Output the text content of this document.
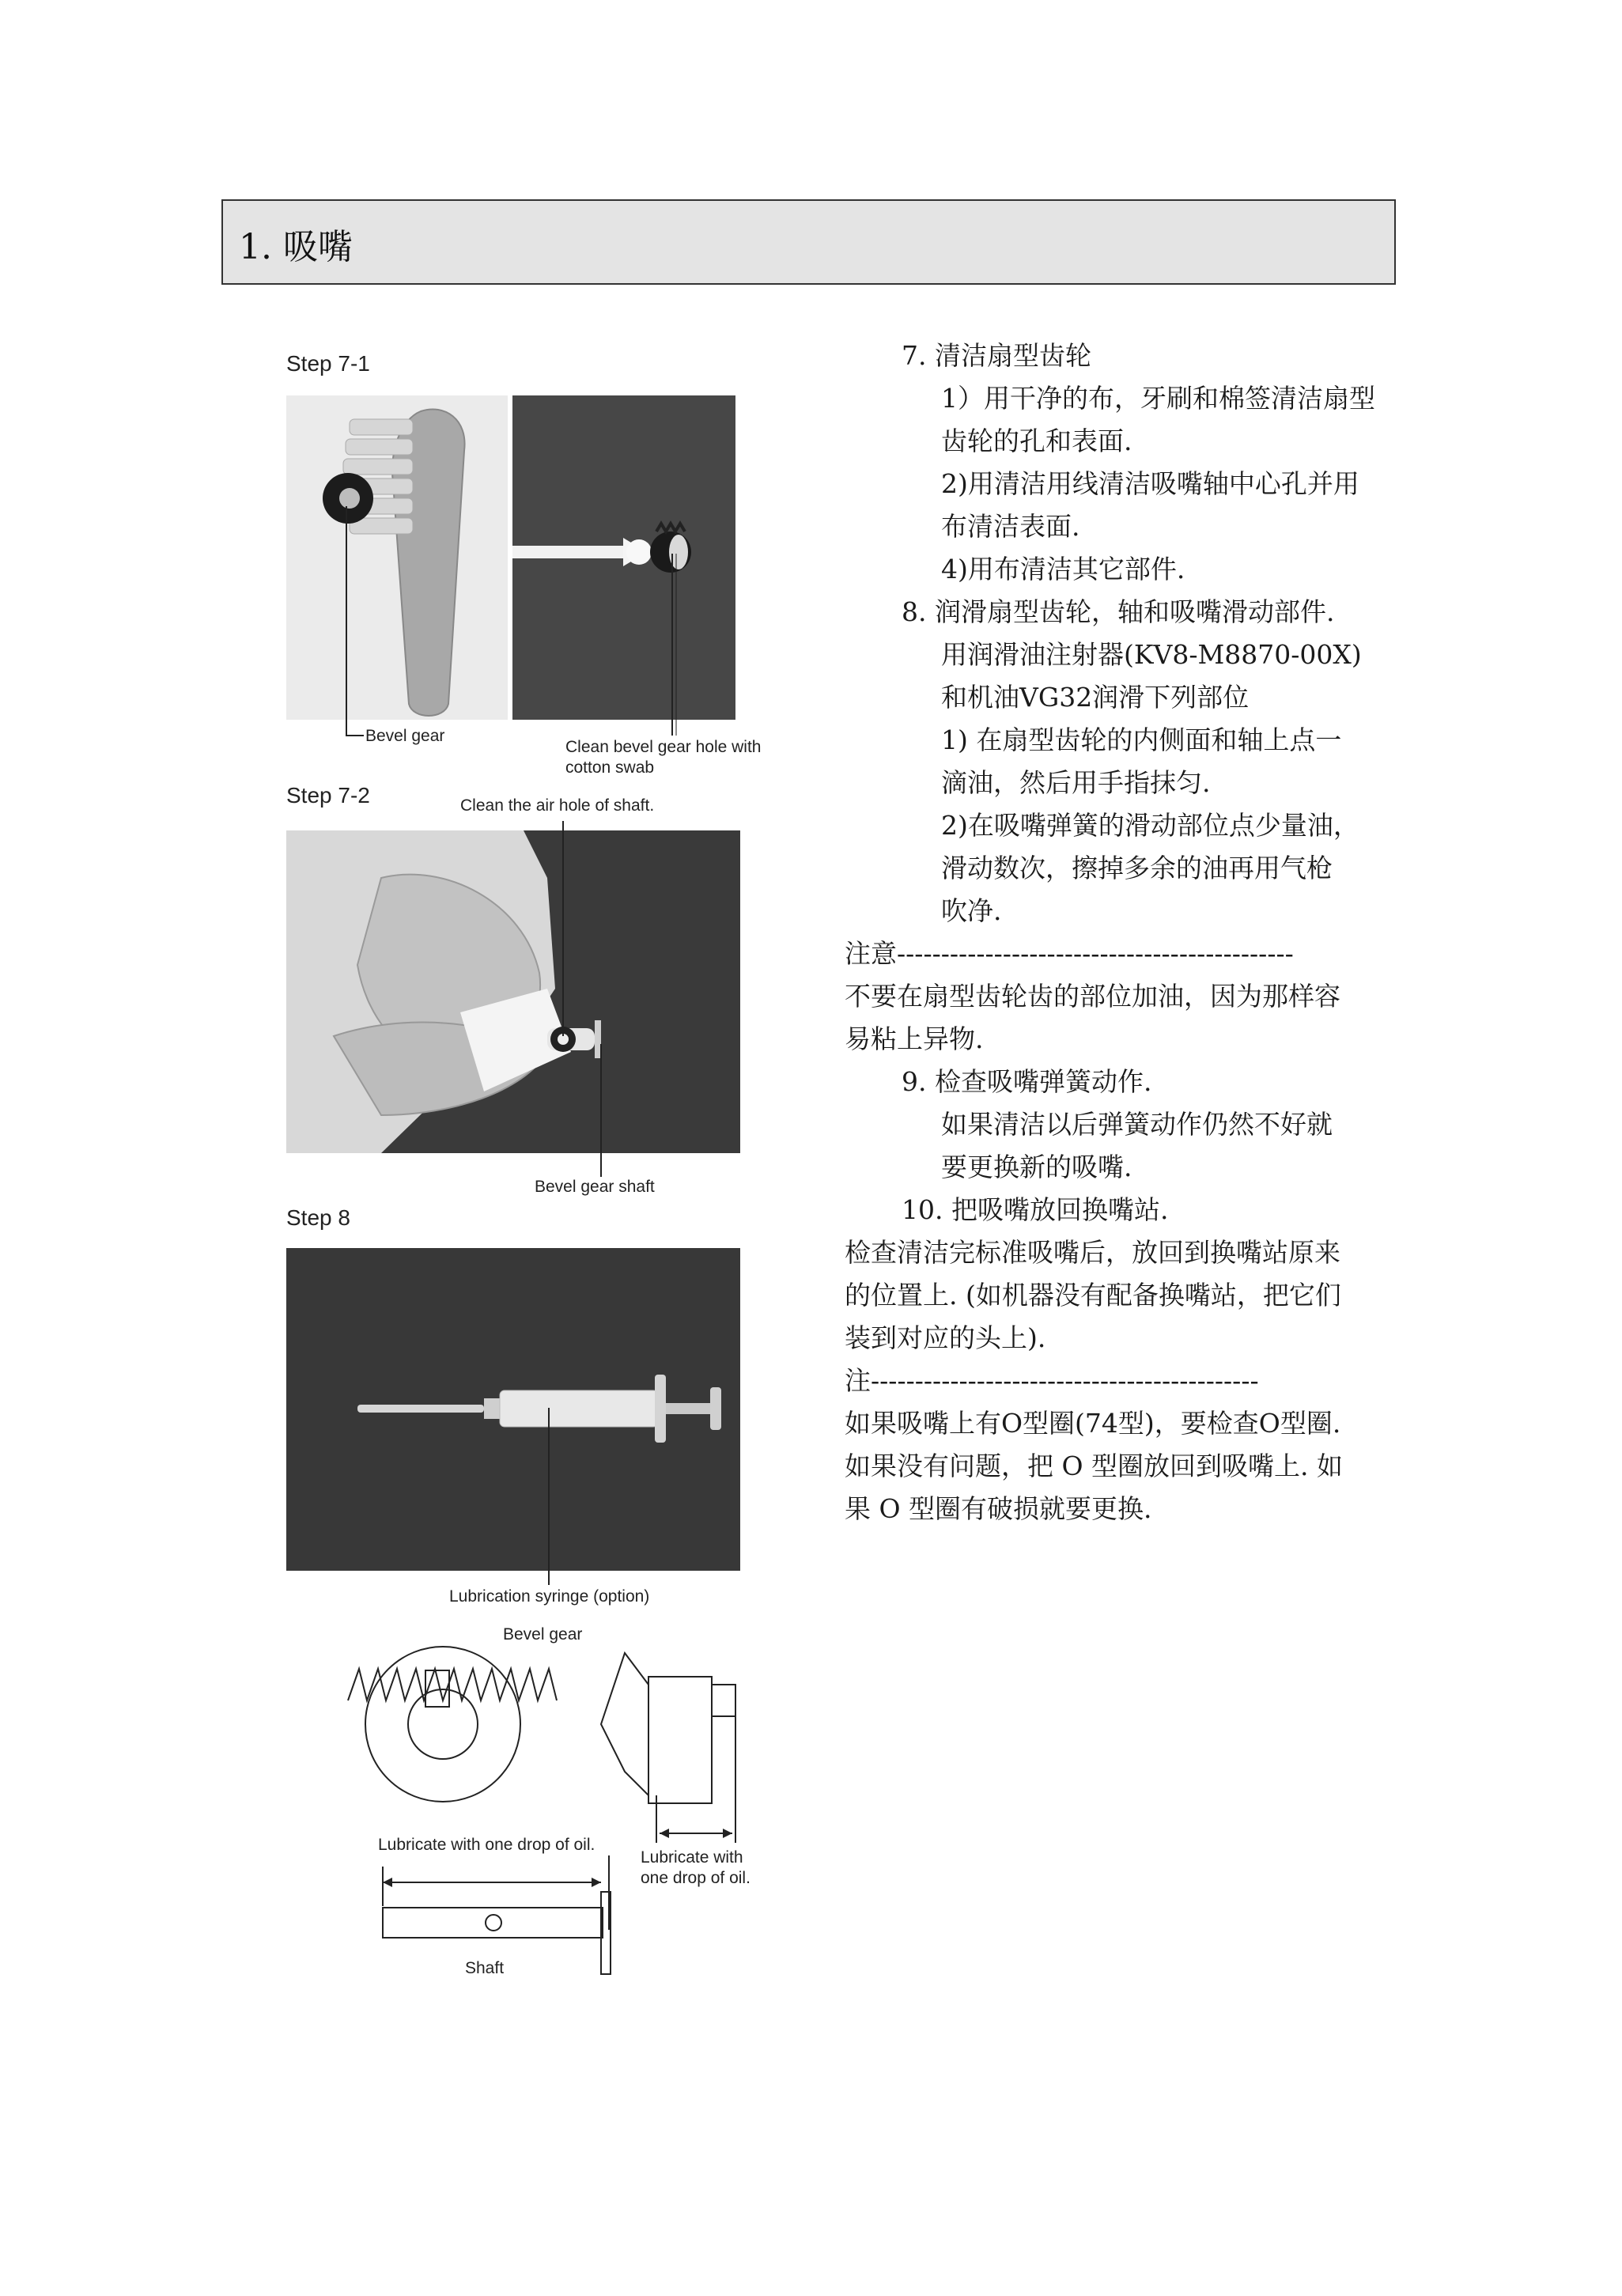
1. 吸嘴
Step 7-1
Bevel gear
Clean bevel gear hole with
cotton swab
Step 7-2	Clean the air hole of shaft.
Bevel gear shaft
Step 8
Lubrication syringe (option)
Bevel gear
Lubricate with one drop of oil.
Lubricate with
one drop of oil.
Shaft
7. 清洁扇型齿轮
1）用干净的布，牙刷和棉签清洁扇型
齿轮的孔和表面.
2)用清洁用线清洁吸嘴轴中心孔并用
布清洁表面.
4)用布清洁其它部件.
8. 润滑扇型齿轮，轴和吸嘴滑动部件.
用润滑油注射器(KV8-M8870-00X)
和机油VG32润滑下列部位
1) 在扇型齿轮的内侧面和轴上点一
滴油，然后用手指抹匀.
2)在吸嘴弹簧的滑动部位点少量油，
滑动数次，擦掉多余的油再用气枪
吹净.
注意---------------------------------------------
不要在扇型齿轮齿的部位加油，因为那样容
易粘上异物.
9. 检查吸嘴弹簧动作.
如果清洁以后弹簧动作仍然不好就
要更换新的吸嘴.
10. 把吸嘴放回换嘴站.
检查清洁完标准吸嘴后，放回到换嘴站原来
的位置上. (如机器没有配备换嘴站，把它们
装到对应的头上).
注--------------------------------------------
如果吸嘴上有O型圈(74型)，要检查O型圈.
如果没有问题，把 O 型圈放回到吸嘴上. 如
果 O 型圈有破损就要更换.
